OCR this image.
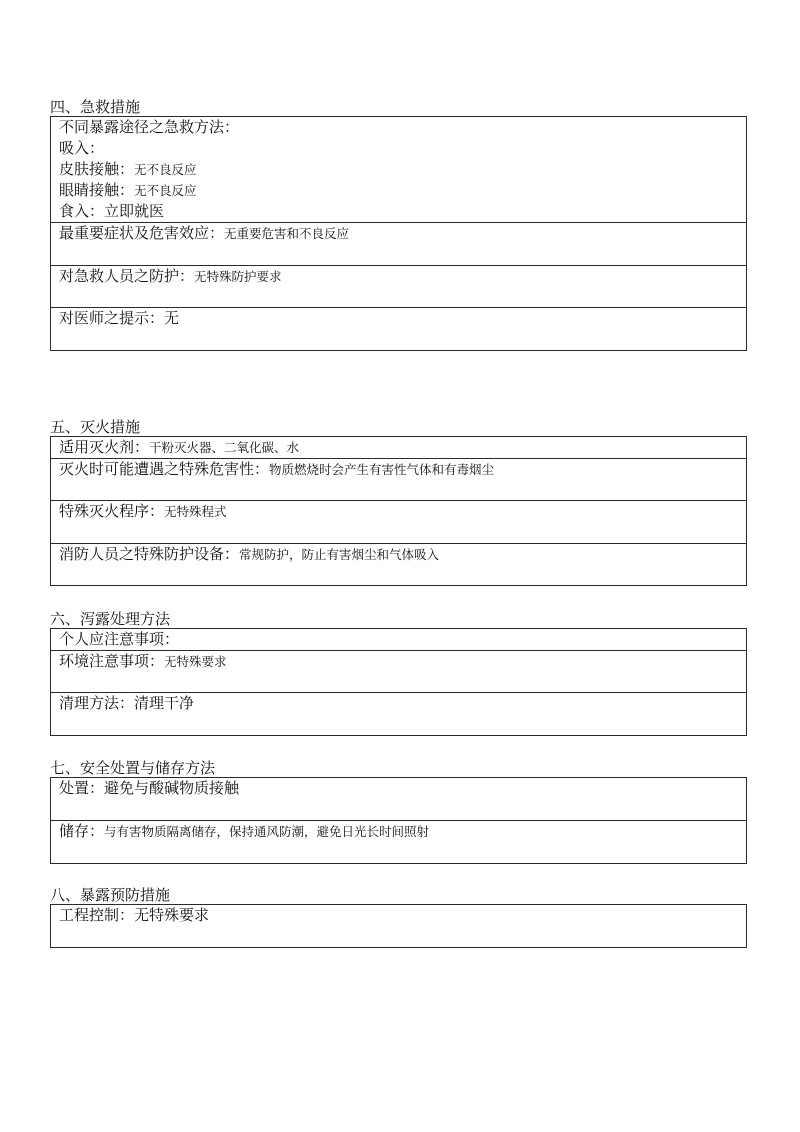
四、急救措施
不同暴露途径之急救方法：
吸入：
皮肤接触：无不良反应
眼睛接触：无不良反应
食入：立即就医

最重要症状及危害效应：无重要危害和不良反应
对急救人员之防护：无特殊防护要求
对医师之提示：无
五、灭火措施
适用灭火剂：干粉灭火器、二氧化碳、水
灭火时可能遭遇之特殊危害性：物质燃烧时会产生有害性气体和有毒烟尘
特殊灭火程序：无特殊程式
消防人员之特殊防护设备：常规防护，防止有害烟尘和气体吸入
六、泻露处理方法
个人应注意事项：
环境注意事项：无特殊要求
清理方法：清理干净
七、安全处置与储存方法
处置：避免与酸碱物质接触
储存：与有害物质隔离储存，保持通风防潮，避免日光长时间照射
八、暴露预防措施
工程控制：无特殊要求
